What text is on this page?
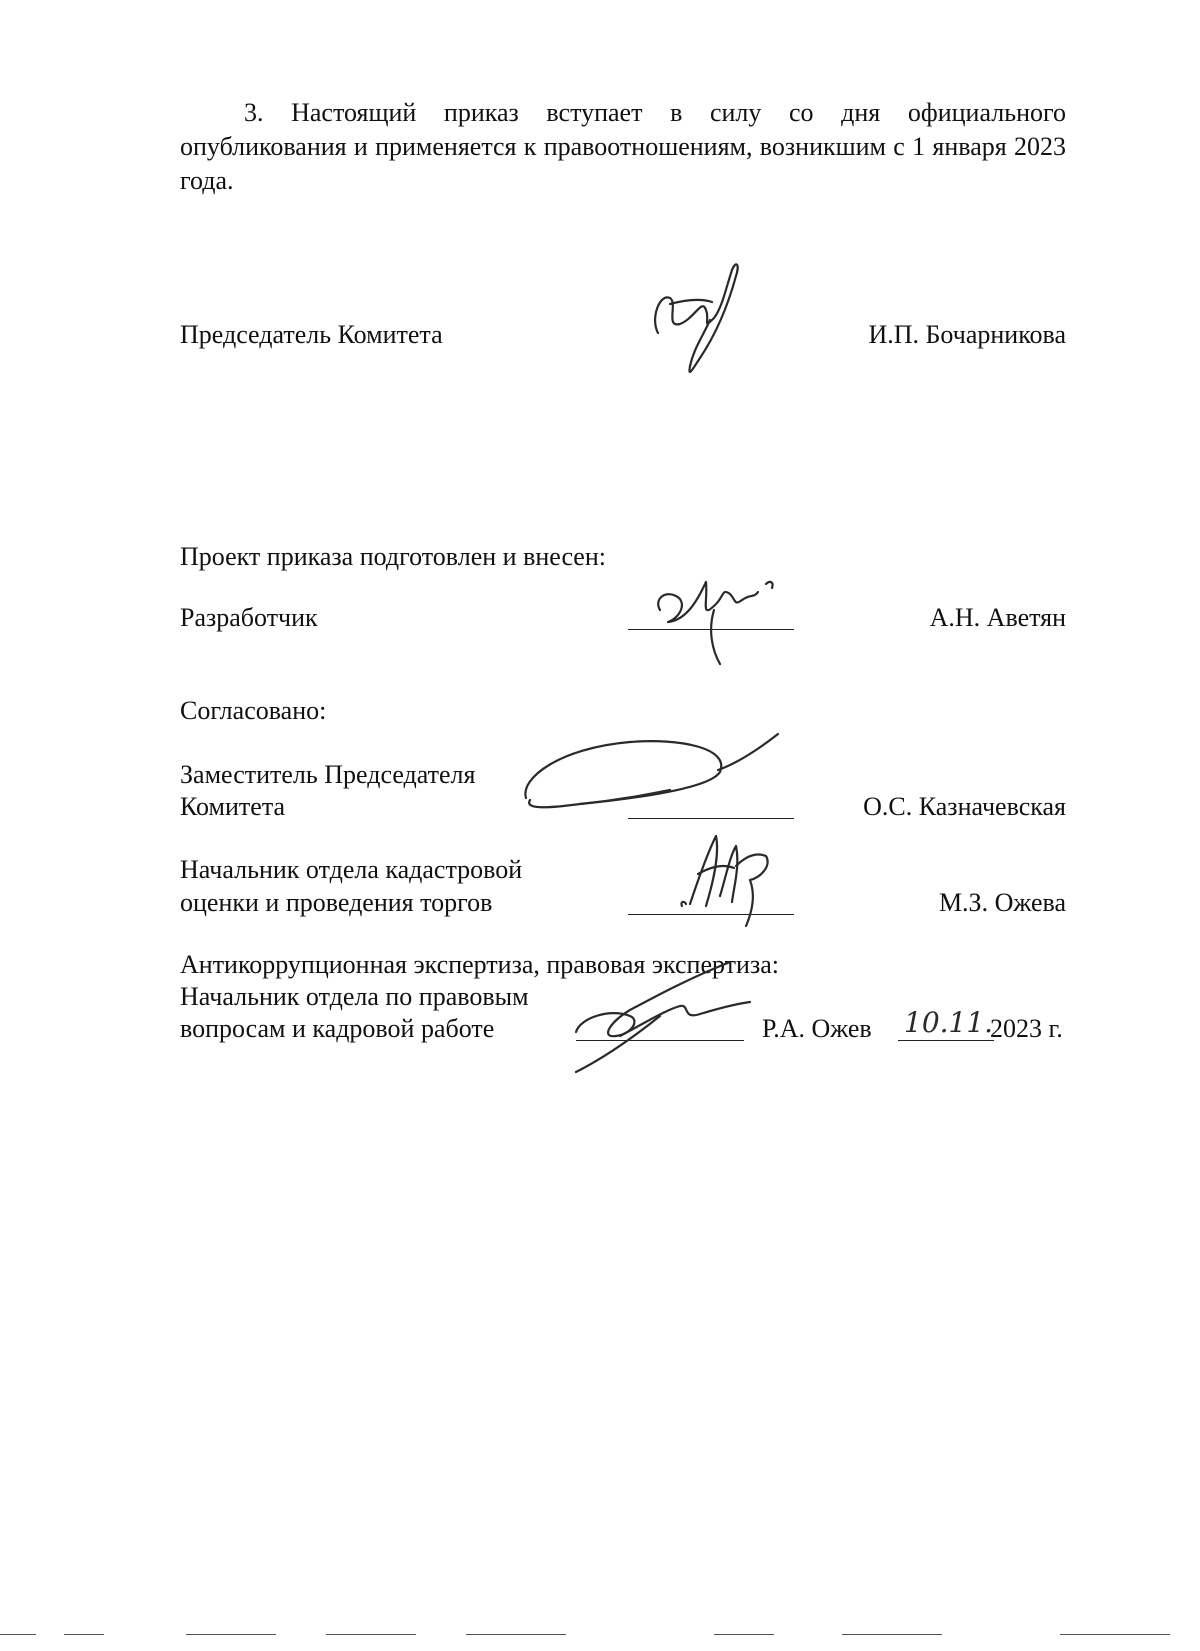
3. Настоящий приказ вступает в силу со дня официального опубликования и применяется к правоотношениям, возникшим с 1 января 2023 года.
Председатель Комитета	И.П. Бочарникова
Проект приказа подготовлен и внесен:
Разработчик	А.Н. Аветян
Согласовано:
Заместитель Председателя
Комитета	О.С. Казначевская
Начальник отдела кадастровой
оценки и проведения торгов	М.З. Ожева
Антикоррупционная экспертиза, правовая экспертиза:
Начальник отдела по правовым
вопросам и кадровой работе	Р.А. Ожев 10.11.
2023 г.
